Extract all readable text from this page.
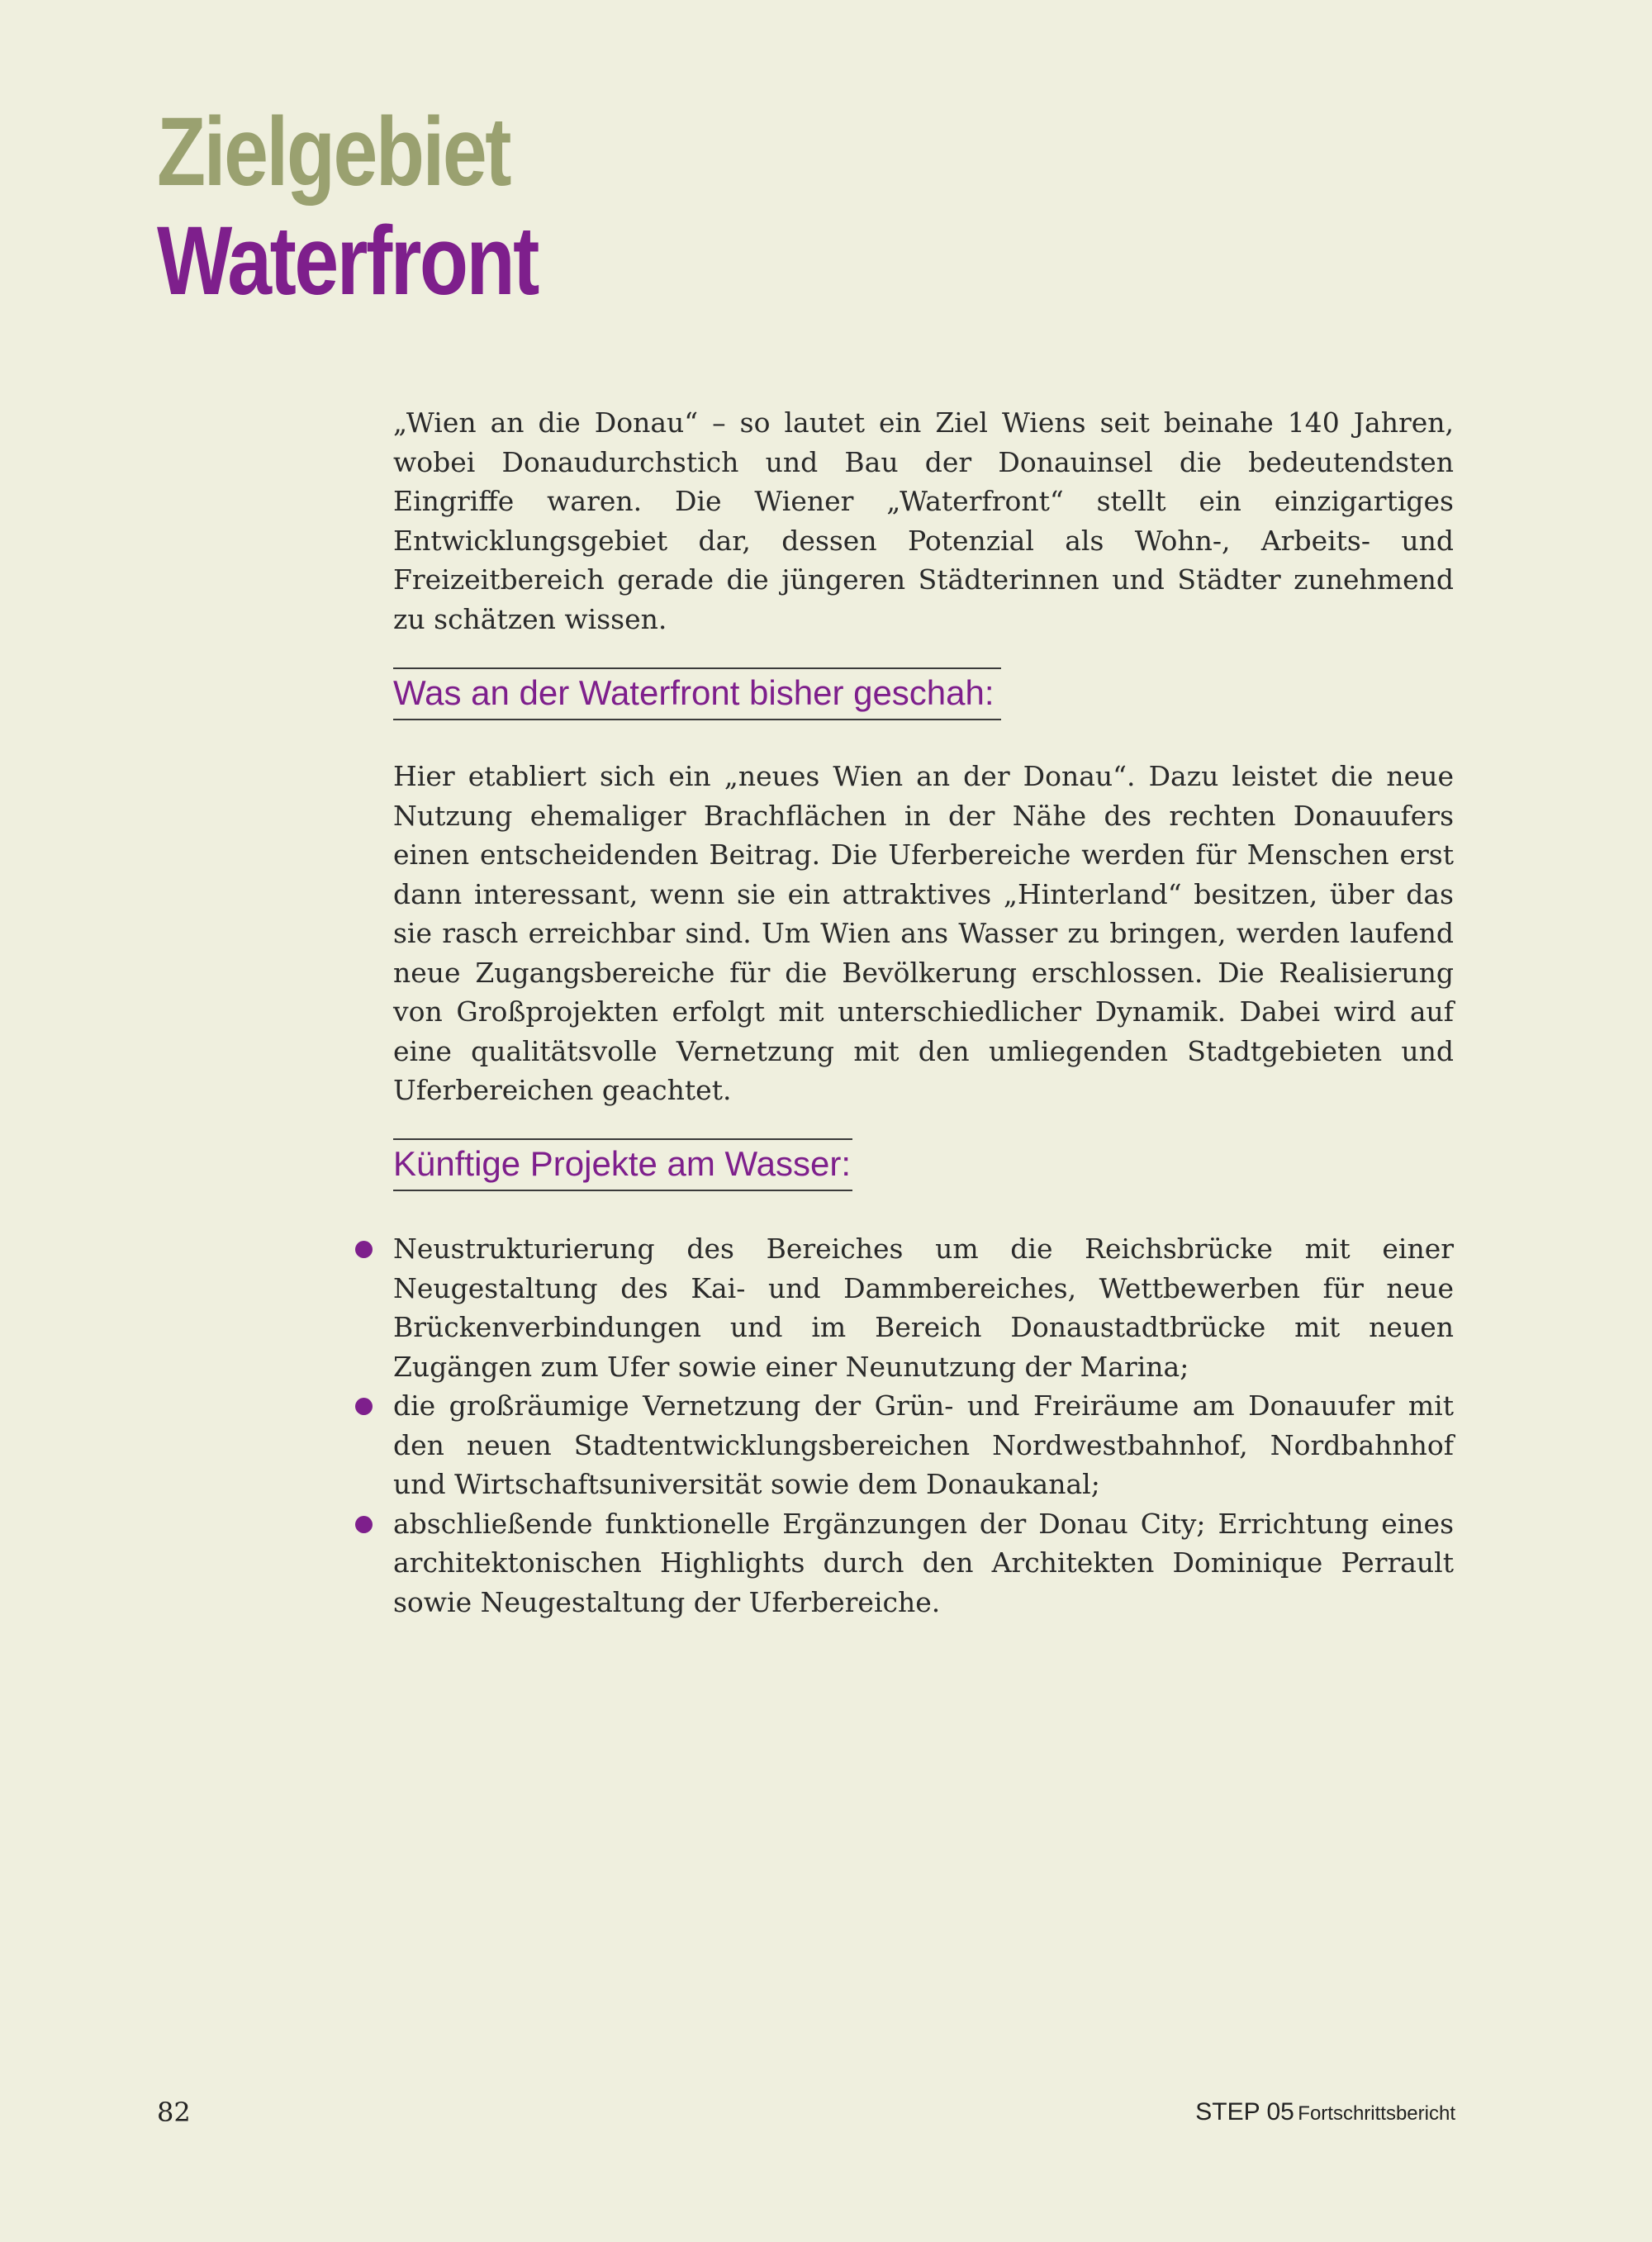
Zielgebiet
Waterfront

„Wien an die Donau“ – so lautet ein Ziel Wiens seit beinahe 140 Jahren, wobei Donaudurchstich und Bau der Donauinsel die bedeutendsten Eingriffe waren. Die Wiener „Waterfront“ stellt ein einzigartiges Entwicklungsgebiet dar, dessen Potenzial als Wohn-, Arbeits- und Freizeitbereich gerade die jüngeren Städterinnen und Städter zunehmend zu schätzen wissen.

Was an der Waterfront bisher geschah:

Hier etabliert sich ein „neues Wien an der Donau“. Dazu leistet die neue Nutzung ehemaliger Brachflächen in der Nähe des rechten Donauufers einen entscheidenden Beitrag. Die Uferbereiche werden für Menschen erst dann interessant, wenn sie ein attraktives „Hinterland“ besitzen, über das sie rasch erreichbar sind. Um Wien ans Wasser zu bringen, werden laufend neue Zugangsbereiche für die Bevölkerung erschlossen. Die Realisierung von Großprojekten erfolgt mit unterschiedlicher Dynamik. Dabei wird auf eine qualitätsvolle Vernetzung mit den umliegenden Stadtgebieten und Uferbereichen geachtet.

Künftige Projekte am Wasser:
Neustrukturierung des Bereiches um die Reichsbrücke mit einer Neugestaltung des Kai- und Dammbereiches, Wettbewerben für neue Brückenverbindungen und im Bereich Donaustadtbrücke mit neuen Zugängen zum Ufer sowie einer Neunutzung der Marina;
die großräumige Vernetzung der Grün- und Freiräume am Donauufer mit den neuen Stadtentwicklungsbereichen Nordwestbahnhof, Nordbahnhof und Wirtschaftsuniversität sowie dem Donaukanal;
abschließende funktionelle Ergänzungen der Donau City; Errichtung eines architektonischen Highlights durch den Architekten Dominique Perrault sowie Neugestaltung der Uferbereiche.
82	STEP 05 Fortschrittsbericht
